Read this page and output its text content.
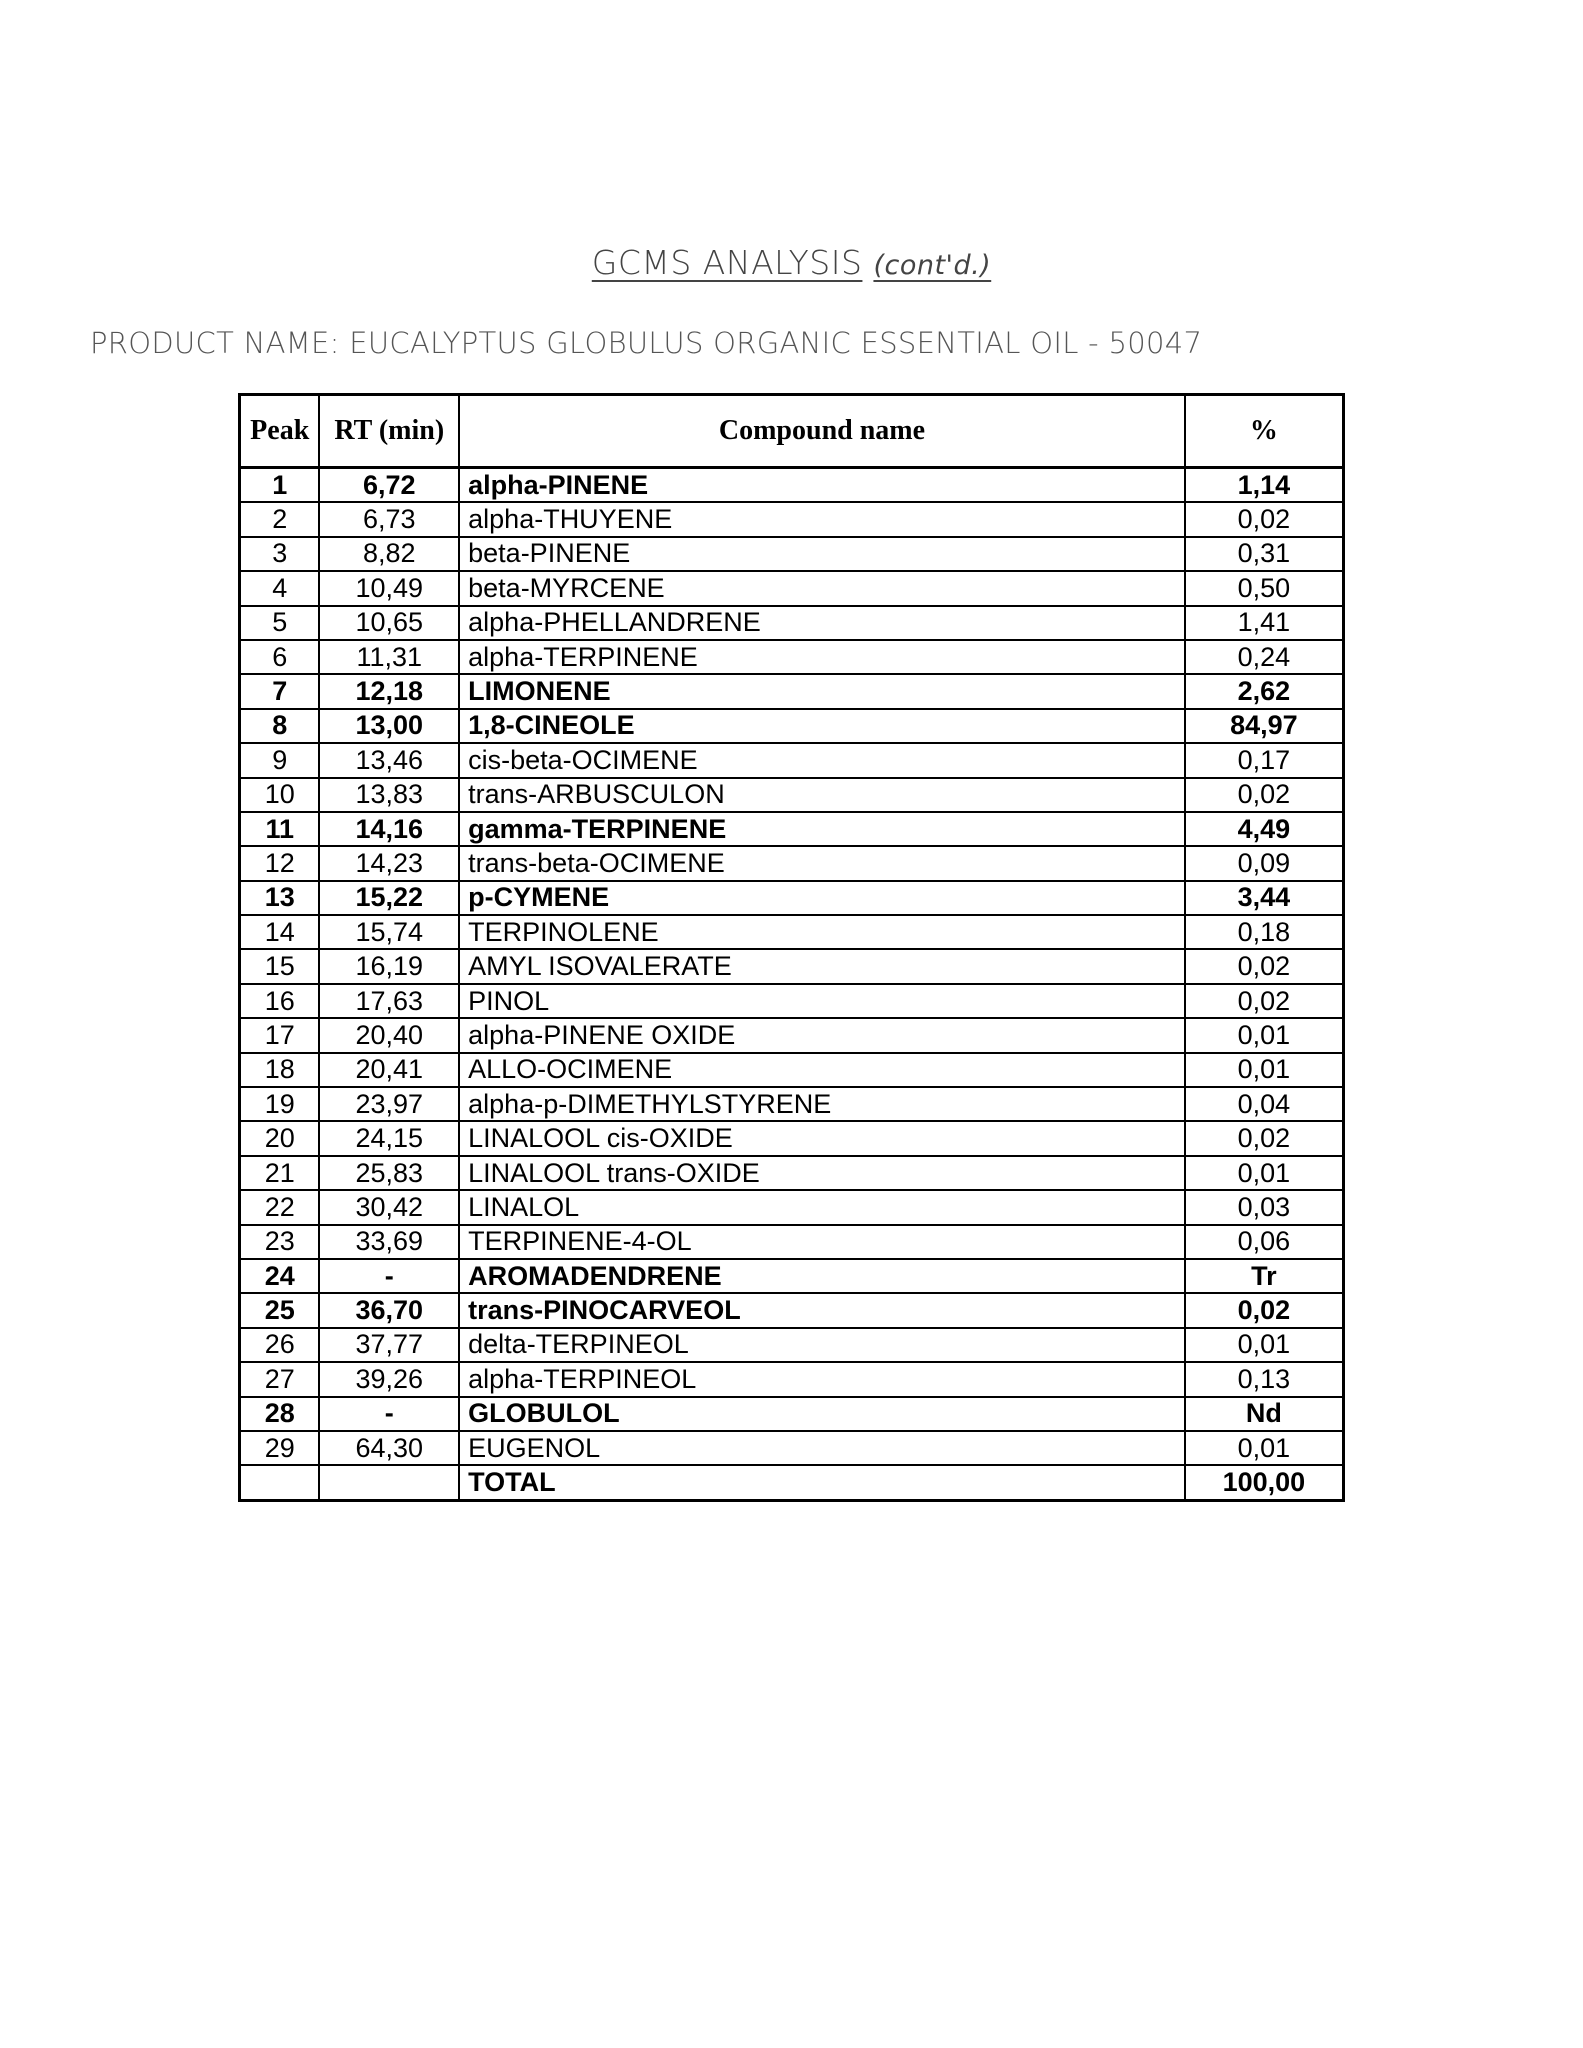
GCMS ANALYSIS (cont'd.)
PRODUCT NAME: EUCALYPTUS GLOBULUS ORGANIC ESSENTIAL OIL - 50047
Peak	RT (min)	Compound name	%
1	6,72	alpha-PINENE	1,14
2	6,73	alpha-THUYENE	0,02
3	8,82	beta-PINENE	0,31
4	10,49	beta-MYRCENE	0,50
5	10,65	alpha-PHELLANDRENE	1,41
6	11,31	alpha-TERPINENE	0,24
7	12,18	LIMONENE	2,62
8	13,00	1,8-CINEOLE	84,97
9	13,46	cis-beta-OCIMENE	0,17
10	13,83	trans-ARBUSCULON	0,02
11	14,16	gamma-TERPINENE	4,49
12	14,23	trans-beta-OCIMENE	0,09
13	15,22	p-CYMENE	3,44
14	15,74	TERPINOLENE	0,18
15	16,19	AMYL ISOVALERATE	0,02
16	17,63	PINOL	0,02
17	20,40	alpha-PINENE OXIDE	0,01
18	20,41	ALLO-OCIMENE	0,01
19	23,97	alpha-p-DIMETHYLSTYRENE	0,04
20	24,15	LINALOOL cis-OXIDE	0,02
21	25,83	LINALOOL trans-OXIDE	0,01
22	30,42	LINALOL	0,03
23	33,69	TERPINENE-4-OL	0,06
24	-	AROMADENDRENE	Tr
25	36,70	trans-PINOCARVEOL	0,02
26	37,77	delta-TERPINEOL	0,01
27	39,26	alpha-TERPINEOL	0,13
28	-	GLOBULOL	Nd
29	64,30	EUGENOL	0,01
		TOTAL	100,00
